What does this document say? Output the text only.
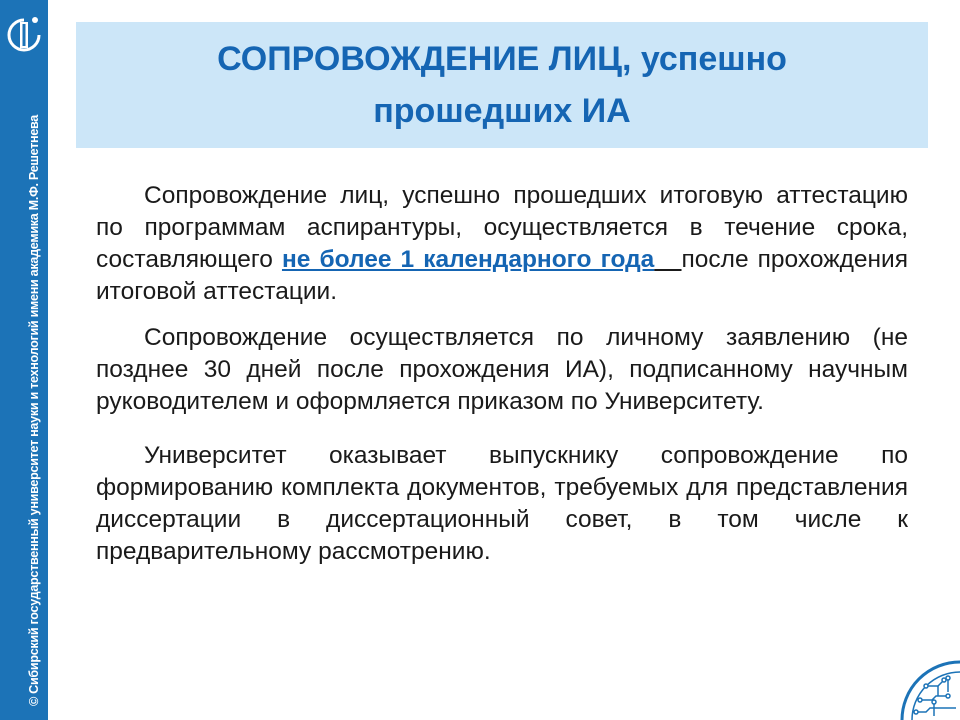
© Сибирский государственный университет науки и технологий имени академика М.Ф. Решетнева
СОПРОВОЖДЕНИЕ ЛИЦ, успешно
прошедших ИА

Сопровождение лиц, успешно прошедших итоговую аттестацию по программам аспирантуры, осуществляется в течение срока, составляющего не более 1 календарного года после прохождения итоговой аттестации.

Сопровождение осуществляется по личному заявлению (не позднее 30 дней после прохождения ИА), подписанному научным руководителем и оформляется приказом по Университету.

Университет оказывает выпускнику сопровождение по формированию комплекта документов, требуемых для представления диссертации в диссертационный совет, в том числе к предварительному рассмотрению.
